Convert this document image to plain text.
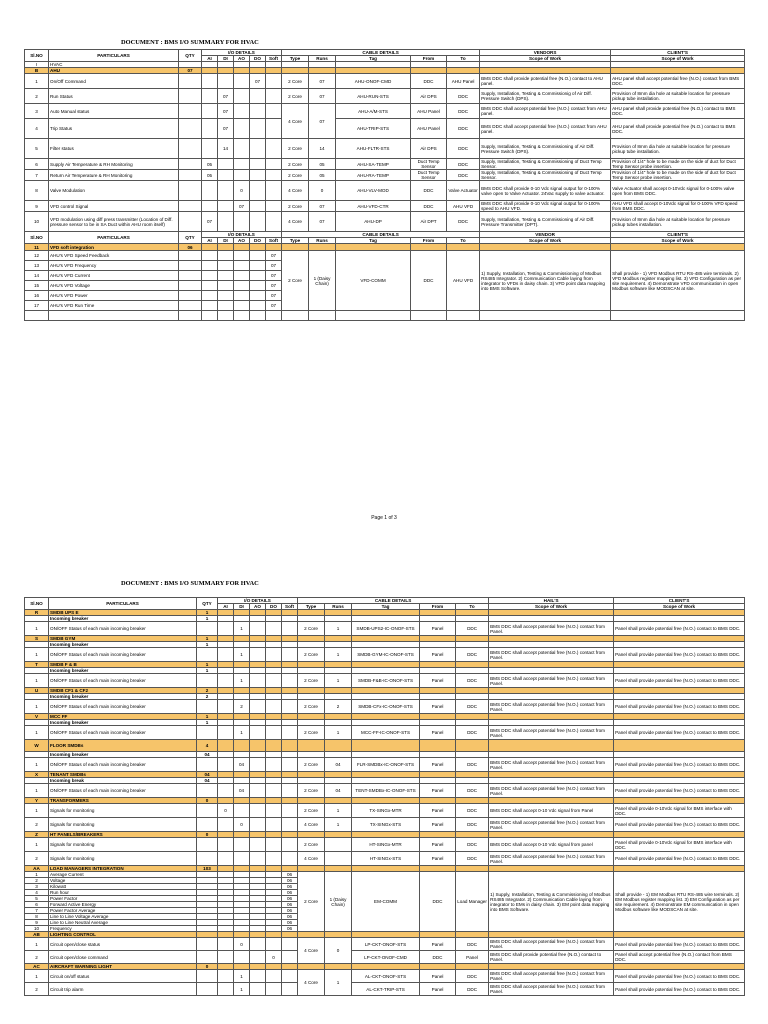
DOCUMENT : BMS I/O SUMMARY FOR HVAC
Sl.NO	PARTICULARS	QTY	I/O DETAILS					CABLE DETAILS					VENDORS	CLIENT'S
			AI	DI	AO	DO	Soft	Type	Runs	Tag	From	To	Scope of Work	Scope of Work
I	HVAC													
B	AHU	07												
1	On/Off Command					07		2 Core	07	AHU-ONOF-CMD	DDC	AHU Panel	BMS DDC shall provide potential free (N.O.) contact to AHU panel.	AHU panel shall accept potential free (N.O.) contact from BMS DDC.
2	Run Status			07				2 Core	07	AHU-RUN-STS	Air DPS	DDC	Supply, Installation, Testing & Commissionig of Air Diff. Pressure Switch (DPS).	Provision of 8mm dia hole at suitable location for pressure pickup tube installation.
3	Auto Manual status			07				4 Core	07	AHU-A/M-STS	AHU Panel	DDC	BMS DDC shall accept potential free (N.O.) contact from AHU panel.	AHU panel shall provide potential free (N.O.) contact to BMS DDC.
4	Trip Status			07						AHU-TRIP-STS	AHU Panel	DDC	BMS DDC shall accept potential free (N.O.) contact from AHU panel.	AHU panel shall provide potential free (N.O.) contact to BMS DDC.
5	Filter status			14				2 Core	14	AHU-FLTR-STS	Air DPS	DDC	Supply, Installation, Testing & Commissioning of Air Diff. Pressure Switch (DPS).	Provision of 8mm dia hole at suitable location for pressure pickup tube installation.
6	Supply Air Temperature & RH Monitoring		05					2 Core	05	AHU-SA-TEMP	Duct Temp Sensor	DDC	Supply, Installation, Testing & Commissioning of Duct Temp Sensor.	Provision of 1/4" hole to be made on the side of duct for Duct Temp Sensor probe insertion.
7	Return Air Temperature & RH Monitoring		05					2 Core	05	AHU-RA-TEMP	Duct Temp Sensor	DDC	Supply, Installation, Testing & Commissioning of Duct Temp Sensor.	Provision of 1/4" hole to be made on the side of duct for Duct Temp Sensor probe insertion.
8	Valve Modulation				0			4 Core	0	AHU-VLV-MOD	DDC	Valve Actuator	BMS DDC shall provide 0-10 Vdc signal output for 0-100% valve open to Valve Actuator. 24Vac supply to valve actuator.	Valve Actuator shall accept 0-10Vdc signal for 0-100% valve open from BMS DDC.
9	VFD control Signal				07			2 Core	07	AHU-VFD-CTR	DDC	AHU VFD	BMS DDC shall provide 0-10 Vdc signal output for 0-100% speed to AHU VFD.	AHU VFD shall accept 0-10Vdc signal for 0-100% VFD speed from BMS DDC.
10	VFD modulation using diff press transmitter (Location of Diff. pressure sensor to be in SA Duct within AHU room itself)		07					4 Core	07	AHU-DP	Air DPT	DDC	Supply, Installation, Testing & Commissioning of Air Diff. Pressure Transmitter (DPT).	Provision of 8mm dia hole at suitable location for pressure pickup tubes installation.
Sl.NO	PARTICULARS	QTY	I/O DETAILS					CABLE DETAILS					VENDOR	CLIENT'S
			AI	DI	AO	DO	Soft	Type	Runs	Tag	From	To	Scope of Work	Scope of Work
11	VFD soft integration	06												
12	AHU's VFD Speed Feedback						07	2 Core	1 (Daisy Chain)	VFD-COMM	DDC	AHU VFD	1) Supply, Installation, Testing & Commissioning of Modbus RS485 Integrator. 2) Communication Cable laying from integrator to VFDs in daisy chain. 3) VFD point data mapping into BMS Software.	Shall provide - 1) VFD Modbus RTU RS-485 wire terminals. 2) VFD Modbus register mapping list. 3) VFD Configuration as per site requirement. 4) Demonstrate VFD communication in open Modbus software like MODSCAN at site.
13	AHU's VFD Frequency						07							
14	AHU's VFD Current						07							
15	AHU's VFD Voltage						07							
16	AHU's VFD Power						07							
17	AHU's VFD Run Time						07							

Page 1 of 3
DOCUMENT : BMS I/O SUMMARY FOR HVAC
Sl.NO	PARTICULARS	QTY	I/O DETAILS					CABLE DETAILS					HAIL'S	CLIENT'S
			AI	DI	AO	DO	Soft	Type	Runs	Tag	From	To	Scope of Work	Scope of Work
R	SMDB UPS E	1												
	Incoming breaker	1												
1	ON/OFF Status of each main incoming breaker			1				2 Core	1	SMDB-UPS2-IC-ONOF-STS	Panel	DDC	BMS DDC shall accept potential free (N.O.) contact from Panel.	Panel shall provide potential free (N.O.) contact to BMS DDC.
S	SMDB GYM	1												
	Incoming breaker	1												
1	ON/OFF Status of each main incoming breaker			1				2 Core	1	SMDB-GYM-IC-ONOF-STS	Panel	DDC	BMS DDC shall accept potential free (N.O.) contact from Panel.	Panel shall provide potential free (N.O.) contact to BMS DDC.
T	SMDB F & B	1												
	Incoming breaker	1												
1	ON/OFF Status of each main incoming breaker			1				2 Core	1	SMDB-F&B-IC-ONOF-STS	Panel	DDC	BMS DDC shall accept potential free (N.O.) contact from Panel.	Panel shall provide potential free (N.O.) contact to BMS DDC.
U	SMDB CF1 & CF2	2												
	Incoming breaker	2												
1	ON/OFF Status of each main incoming breaker			2				2 Core	2	SMDB-CFx-IC-ONOF-STS	Panel	DDC	BMS DDC shall accept potential free (N.O.) contact from Panel.	Panel shall provide potential free (N.O.) contact to BMS DDC.
V	MCC FF	1												
	Incoming breaker	1												
1	ON/OFF Status of each main incoming breaker			1				2 Core	1	MCC-FF-IC-ONOF-STS	Panel	DDC	BMS DDC shall accept potential free (N.O.) contact from Panel.	Panel shall provide potential free (N.O.) contact to BMS DDC.
W	FLOOR SMDBs	4												
	Incoming breaker	04												
1	ON/OFF Status of each main incoming breaker			04				2 Core	04	FLR-SMDBx-IC-ONOF-STS	Panel	DDC	BMS DDC shall accept potential free (N.O.) contact from Panel.	Panel shall provide potential free (N.O.) contact to BMS DDC.
X	TENANT SMDBs	04												
	Incoming break	04												
1	ON/OFF Status of each main incoming breaker			04				2 Core	04	TENT-SMDBx-IC-ONOF-STS	Panel	DDC	BMS DDC shall accept potential free (N.O.) contact from Panel.	Panel shall provide potential free (N.O.) contact to BMS DDC.
Y	TRANSFORMERS	0												
1	Signals for monitoring		0					2 Core	1	TX-SINGx-MTR	Panel	DDC	BMS DDC shall accept 0-10 Vdc signal from Panel	Panel shall provide 0-10Vdc signal for BMS interface with DDC.
2	Signals for monitoring			0				4 Core	1	TX-SINGx-STS	Panel	DDC	BMS DDC shall accept potential free (N.O.) contact from Panel.	Panel shall provide potential free (N.O.) contact to BMS DDC.
Z	HT PANELS/BREAKERS	0												
1	Signals for monitoring							2 Core		HT-SINGx-MTR	Panel	DDC	BMS DDC shall accept 0-10 Vdc signal from panel	Panel shall provide 0-10Vdc signal for BMS interface with DDC.
2	Signals for monitoring							4 Core		HT-SINGx-STS	Panel	DDC	BMS DDC shall accept potential free (N.O.) contact from Panel.	Panel shall provide potential free (N.O.) contact to BMS DDC.
AA	LOAD MANAGERS INTEGRATION	103												
1	Average Current						06	2 Core	1 (Daisy Chain)	EM-COMM	DDC	Load Manager	1) Supply, Installation, Testing & Commissioning of Modbus RS485 Integrator. 2) Communication Cable laying from integrator to EMs in daisy chain. 3) EM point data mapping into BMS Software.	Shall provide - 1) EM Modbus RTU RS-485 wire terminals. 2) EM Modbus register mapping list. 3) EM Configuration as per site requirement. 4) Demonstrate EM communication in open Modbus software like MODSCAN at site.
2	Voltage						06							
3	Kilowatt						06							
4	Run hour						06							
5	Power Factor						06							
6	Forward Active Energy						06							
7	Power Factor Average						06							
8	Line to Line Voltage Average						06							
9	Line to Line Neutral Average						06							
10	Frequency						06							
AB	LIGHTING CONTROL													
1	Circuit open/close status			0				4 Core	0	LP-CKT-ONOF-STS	Panel	DDC	BMS DDC shall accept potential free (N.O.) contact from Panel.	Panel shall provide potential free (N.O.) contact to BMS DDC.
2	Circuit open/close command					0				LP-CKT-ONOF-CMD	DDC	Panel	BMS DDC shall provide potential free (N.O.) contact to Panel.	Panel shall accept potential free (N.O.) contact from BMS DDC.
AC	AIRCRAFT WARNING LIGHT	0												
1	Circuit on/off status			1				4 Core	1	AL-CKT-ONOF-STS	Panel	DDC	BMS DDC shall accept potential free (N.O.) contact from Panel.	Panel shall provide potential free (N.O.) contact to BMS DDC.
2	Circuit trip alarm			1						AL-CKT-TRIP-STS	Panel	DDC	BMS DDC shall accept potential free (N.O.) contact from Panel.	Panel shall provide potential free (N.O.) contact to BMS DDC.
